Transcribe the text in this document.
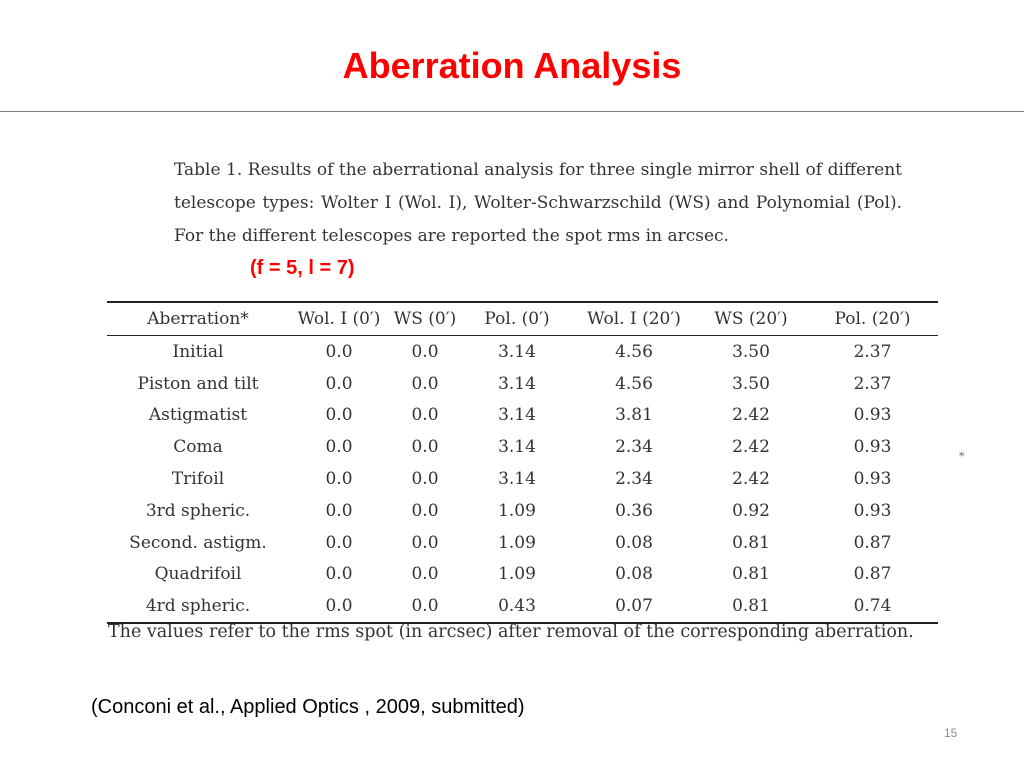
Aberration Analysis
Table 1. Results of the aberrational analysis for three single mirror shell of different telescope types: Wolter I (Wol. I), Wolter-Schwarzschild (WS) and Polynomial (Pol). For the different telescopes are reported the spot rms in arcsec.
(f = 5, l = 7)
Aberration*	Wol. I (0′)	WS (0′)	Pol. (0′)	Wol. I (20′)	WS (20′)	Pol. (20′)
Initial	0.0	0.0	3.14	4.56	3.50	2.37
Piston and tilt	0.0	0.0	3.14	4.56	3.50	2.37
Astigmatist	0.0	0.0	3.14	3.81	2.42	0.93
Coma	0.0	0.0	3.14	2.34	2.42	0.93
Trifoil	0.0	0.0	3.14	2.34	2.42	0.93
3rd spheric.	0.0	0.0	1.09	0.36	0.92	0.93
Second. astigm.	0.0	0.0	1.09	0.08	0.81	0.87
Quadrifoil	0.0	0.0	1.09	0.08	0.81	0.87
4rd spheric.	0.0	0.0	0.43	0.07	0.81	0.74
*
The values refer to the rms spot (in arcsec) after removal of the corresponding aberration.
(Conconi et al., Applied Optics , 2009, submitted)
15
